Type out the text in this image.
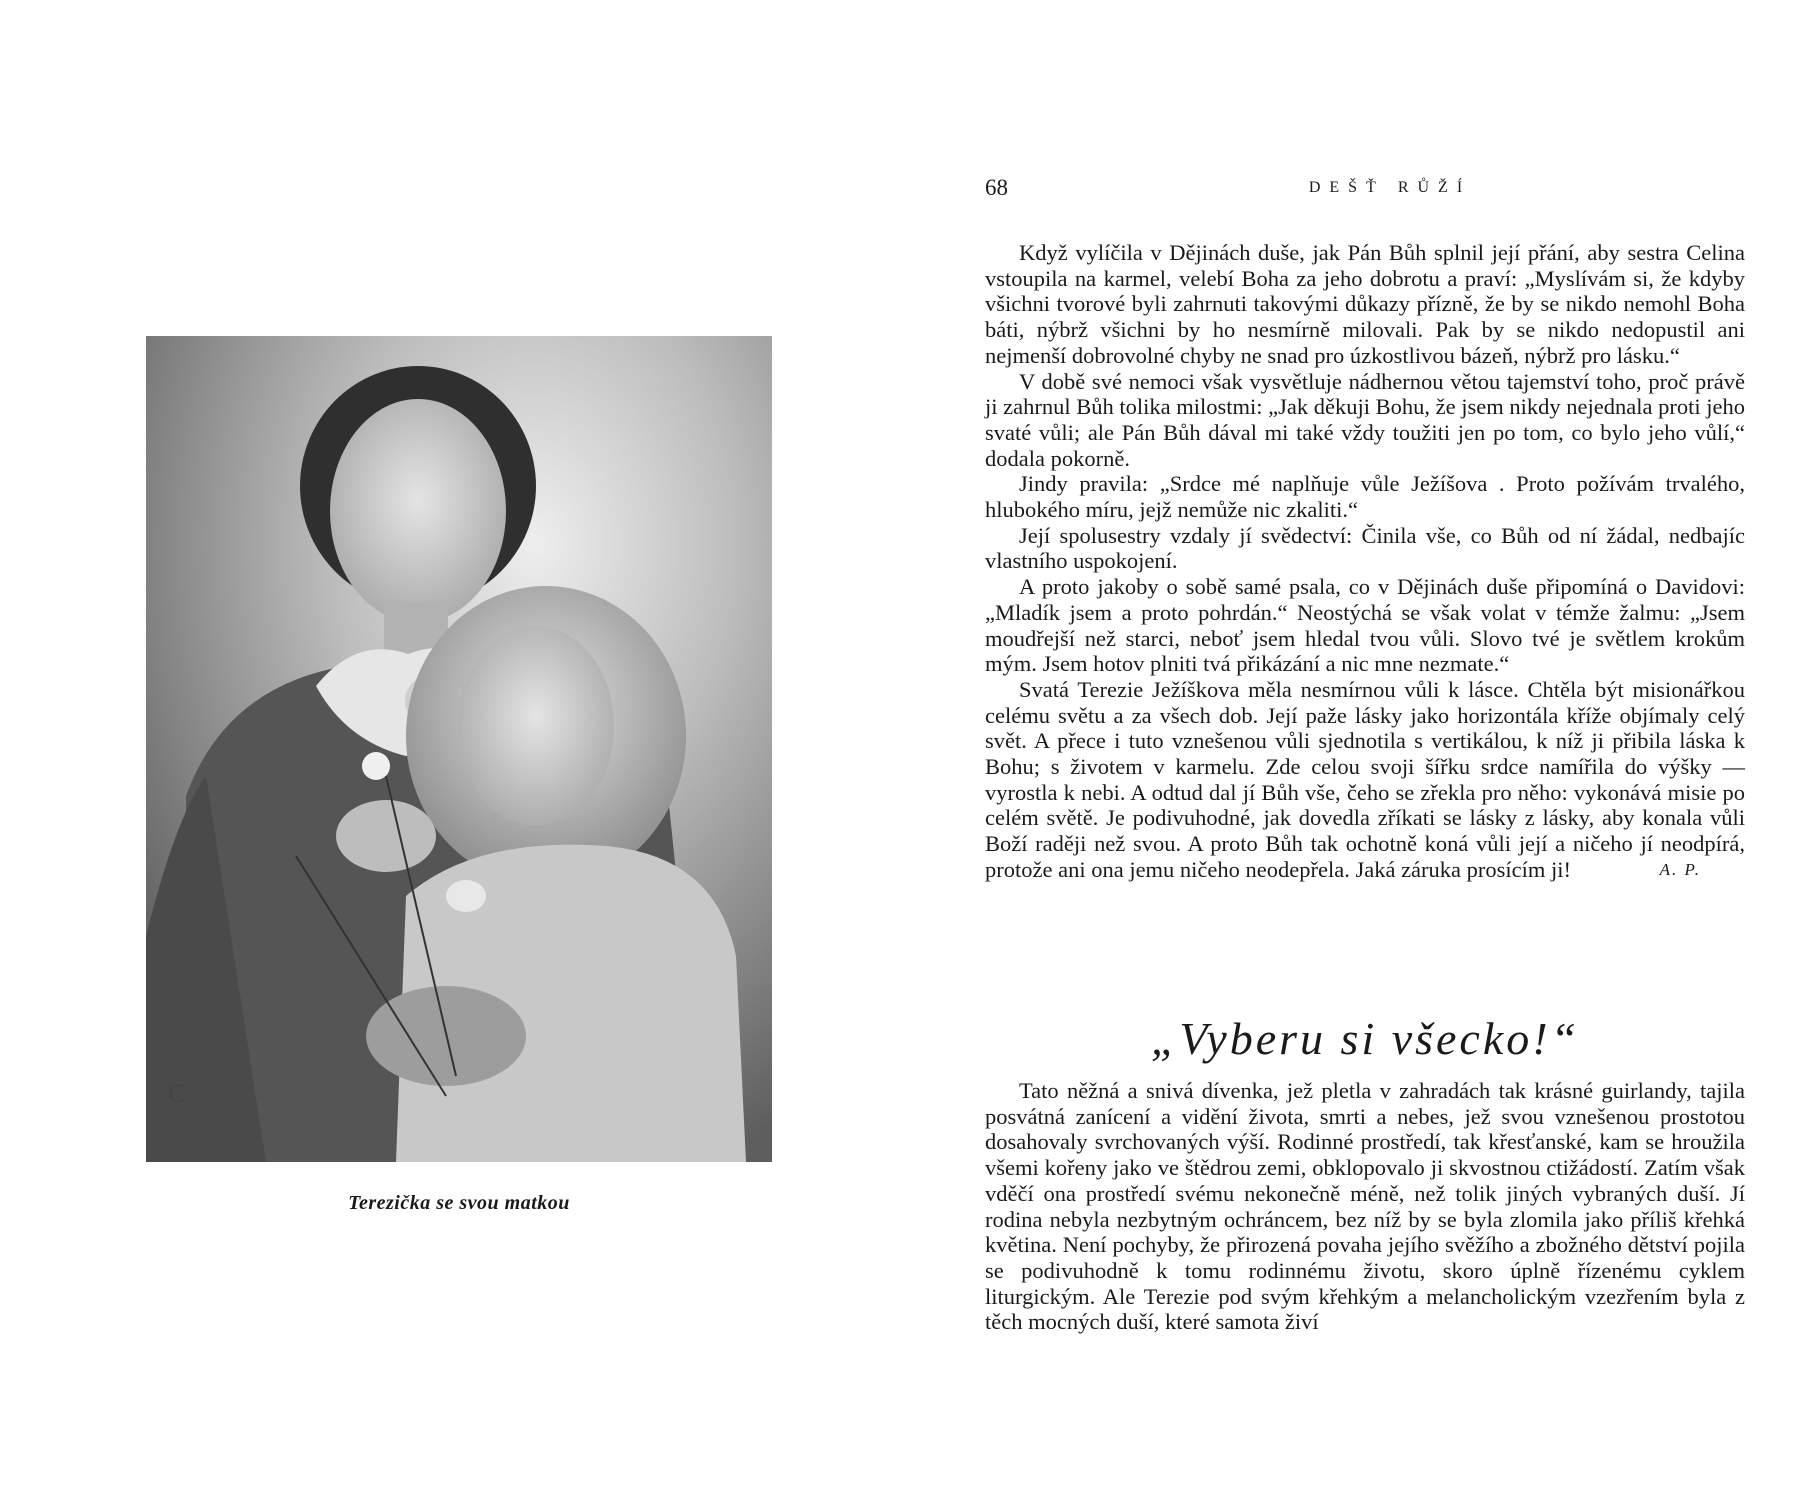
C
Terezička se svou matkou
68	DEŠŤ RŮŽÍ

Když vylíčila v Dějinách duše, jak Pán Bůh splnil její přání, aby sestra Celina vstoupila na karmel, velebí Boha za jeho dobrotu a praví: „Myslívám si, že kdyby všichni tvorové byli zahrnuti takovými důkazy přízně, že by se nikdo nemohl Boha báti, nýbrž všichni by ho nesmírně milovali. Pak by se nikdo nedopustil ani nejmenší dobrovolné chyby ne snad pro úzkostlivou bázeň, nýbrž pro lásku.“

V době své nemoci však vysvětluje nádhernou větou tajemství toho, proč právě ji zahrnul Bůh tolika milostmi: „Jak děkuji Bohu, že jsem nikdy nejednala proti jeho svaté vůli; ale Pán Bůh dával mi také vždy toužiti jen po tom, co bylo jeho vůlí,“ dodala pokorně.

Jindy pravila: „Srdce mé naplňuje vůle Ježíšova . Proto požívám trvalého, hlubokého míru, jejž nemůže nic zkaliti.“

Její spolusestry vzdaly jí svědectví: Činila vše, co Bůh od ní žádal, nedbajíc vlastního uspokojení.

A proto jakoby o sobě samé psala, co v Dějinách duše připomíná o Davidovi: „Mladík jsem a proto pohrdán.“ Neostýchá se však volat v témže žalmu: „Jsem moudřejší než starci, neboť jsem hledal tvou vůli. Slovo tvé je světlem krokům mým. Jsem hotov plniti tvá přikázání a nic mne nezmate.“

Svatá Terezie Ježíškova měla nesmírnou vůli k lásce. Chtěla být misionářkou celému světu a za všech dob. Její paže lásky jako horizontála kříže objímaly celý svět. A přece i tuto vznešenou vůli sjednotila s vertikálou, k níž ji přibila láska k Bohu; s životem v karmelu. Zde celou svoji šířku srdce namířila do výšky — vyrostla k nebi. A odtud dal jí Bůh vše, čeho se zřekla pro něho: vykonává misie po celém světě. Je podivuhodné, jak dovedla zříkati se lásky z lásky, aby konala vůli Boží raději než svou. A proto Bůh tak ochotně koná vůli její a ničeho jí neodpírá, protože ani ona jemu ničeho neodepřela. Jaká záruka prosícím ji!	A. P.

„Vyberu si všecko!“

Tato něžná a snivá dívenka, jež pletla v zahradách tak krásné guirlandy, tajila posvátná zanícení a vidění života, smrti a nebes, jež svou vznešenou prostotou dosahovaly svrchovaných výší. Rodinné prostředí, tak křesťanské, kam se hroužila všemi kořeny jako ve štědrou zemi, obklopovalo ji skvostnou ctižádostí. Zatím však vděčí ona prostředí svému nekonečně méně, než tolik jiných vybraných duší. Jí rodina nebyla nezbytným ochráncem, bez níž by se byla zlomila jako příliš křehká květina. Není pochyby, že přirozená povaha jejího svěžího a zbožného dětství pojila se podivuhodně k tomu rodinnému životu, skoro úplně řízenému cyklem liturgickým. Ale Terezie pod svým křehkým a melancholickým vzezřením byla z těch mocných duší, které samota živí
